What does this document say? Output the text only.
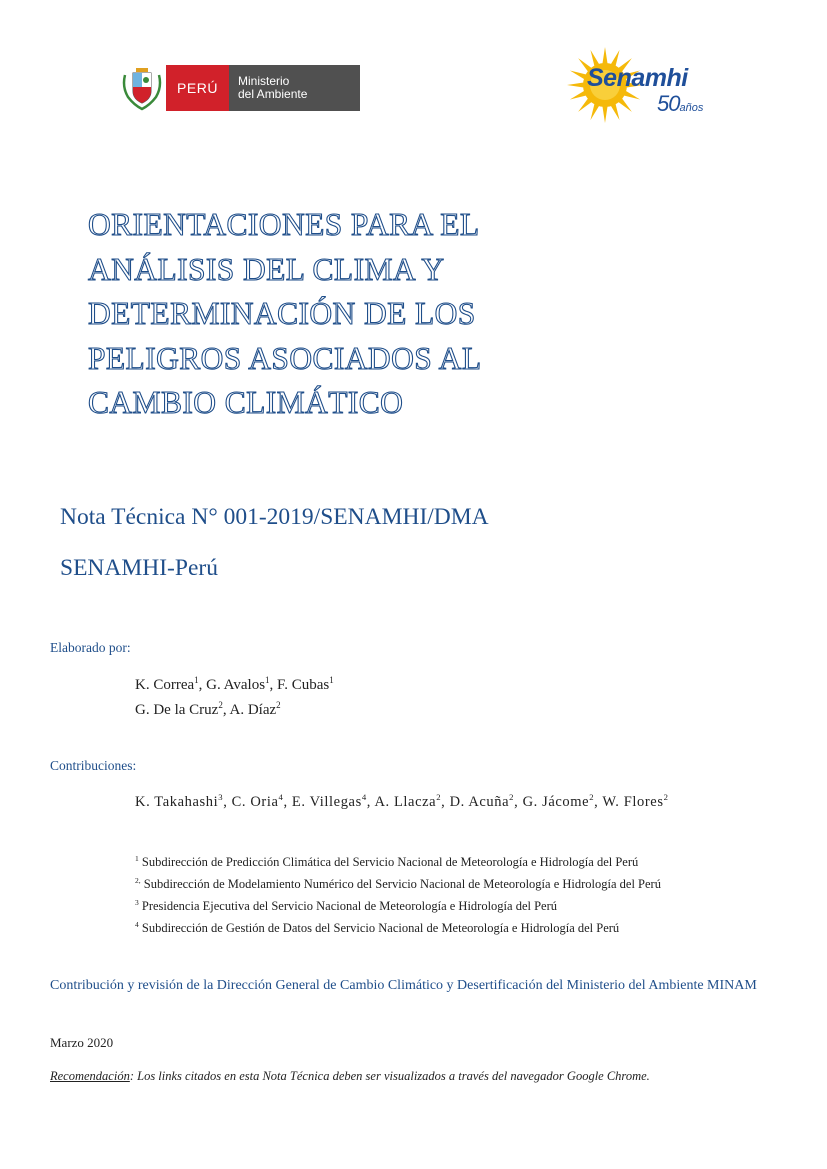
PERÚ	Ministerio
del Ambiente
Senamhi
50años
ORIENTACIONES PARA EL
ANÁLISIS DEL CLIMA Y
DETERMINACIÓN DE LOS
PELIGROS ASOCIADOS AL
CAMBIO CLIMÁTICO
Nota Técnica N° 001-2019/SENAMHI/DMA
SENAMHI-Perú
Elaborado por:
K. Correa$^1$, G. Avalos$^1$, F. Cubas$^1$
G. De la Cruz$^2$, A. Díaz$^2$
Contribuciones:
K. Takahashi$^3$, C. Oria$^4$, E. Villegas$^4$, A. Llacza$^2$, D. Acuña$^2$, G. Jácome$^2$, W. Flores$^2$
$^1$ Subdirección de Predicción Climática del Servicio Nacional de Meteorología e Hidrología del Perú
$^{2,}$ Subdirección de Modelamiento Numérico del Servicio Nacional de Meteorología e Hidrología del Perú
$^3$ Presidencia Ejecutiva del Servicio Nacional de Meteorología e Hidrología del Perú
$^4$ Subdirección de Gestión de Datos del Servicio Nacional de Meteorología e Hidrología del Perú
Contribución y revisión de la Dirección General de Cambio Climático y Desertificación del Ministerio del Ambiente MINAM
Marzo 2020
Recomendación: Los links citados en esta Nota Técnica deben ser visualizados a través del navegador Google Chrome.
